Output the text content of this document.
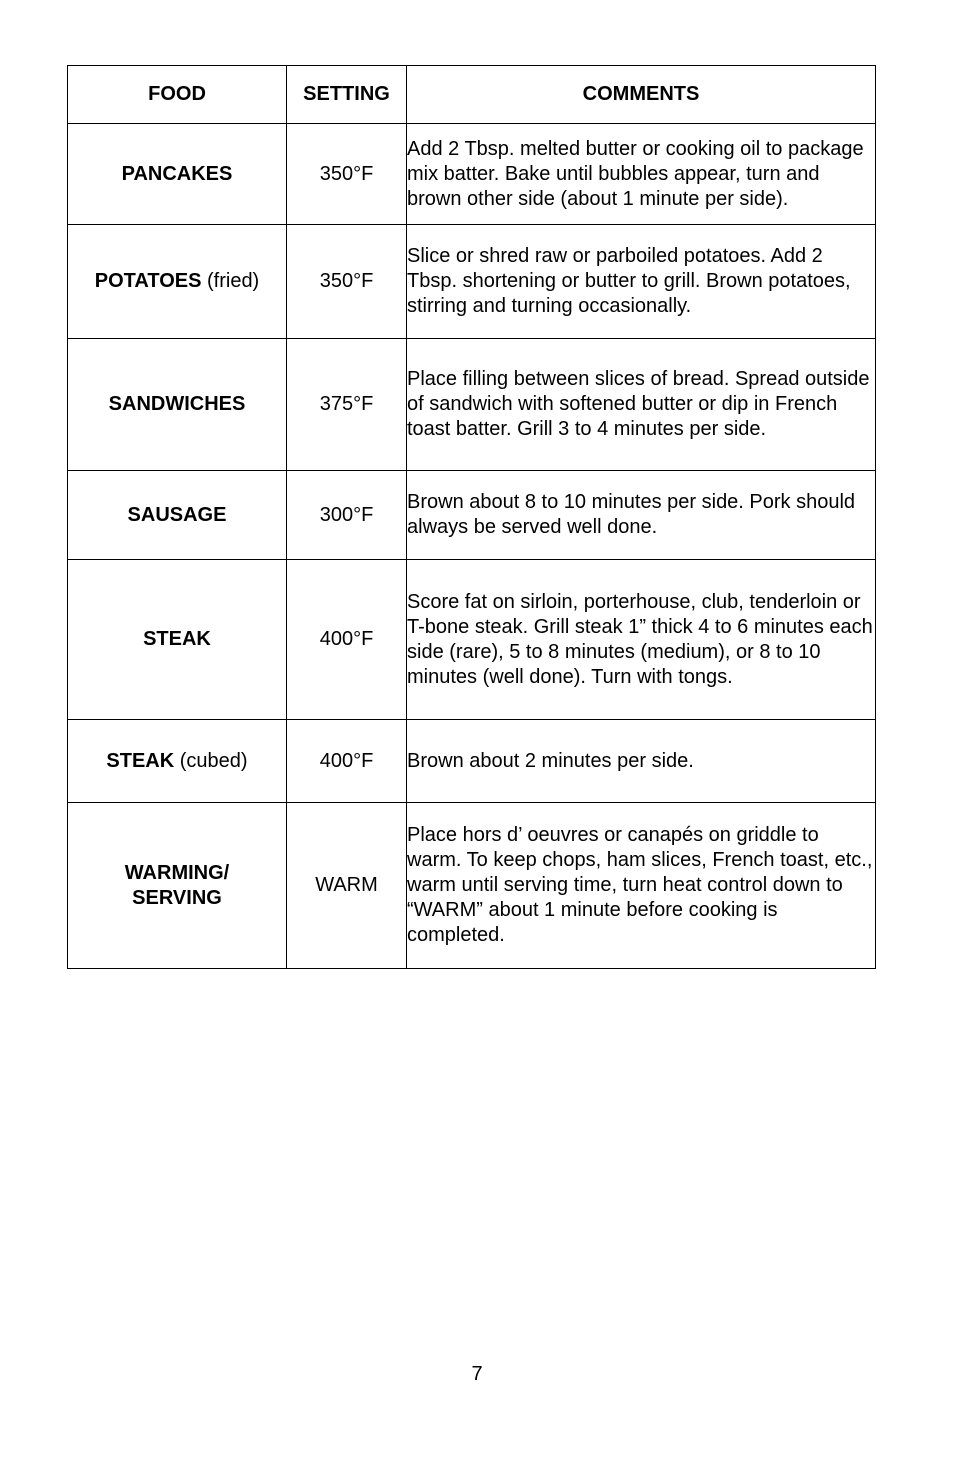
FOOD	SETTING	COMMENTS
PANCAKES	350°F	Add 2 Tbsp. melted butter or cooking oil to package mix batter. Bake until bubbles appear, turn and brown other side (about 1 minute per side).
POTATOES (fried)	350°F	Slice or shred raw or parboiled potatoes. Add 2 Tbsp. shortening or butter to grill. Brown potatoes, stirring and turning occasionally.
SANDWICHES	375°F	Place filling between slices of bread. Spread outside of sandwich with softened butter or dip in French toast batter. Grill 3 to 4 minutes per side.
SAUSAGE	300°F	Brown about 8 to 10 minutes per side. Pork should always be served well done.
STEAK	400°F	Score fat on sirloin, porterhouse, club, tenderloin or T-bone steak. Grill steak 1” thick 4 to 6 minutes each side (rare), 5 to 8 minutes (medium), or 8 to 10 minutes (well done). Turn with tongs.
STEAK (cubed)	400°F	Brown about 2 minutes per side.
WARMING/ SERVING	WARM	Place hors d’ oeuvres or canapés on griddle to warm. To keep chops, ham slices, French toast, etc., warm until serving time, turn heat control down to “WARM” about 1 minute before cooking is completed.
7
